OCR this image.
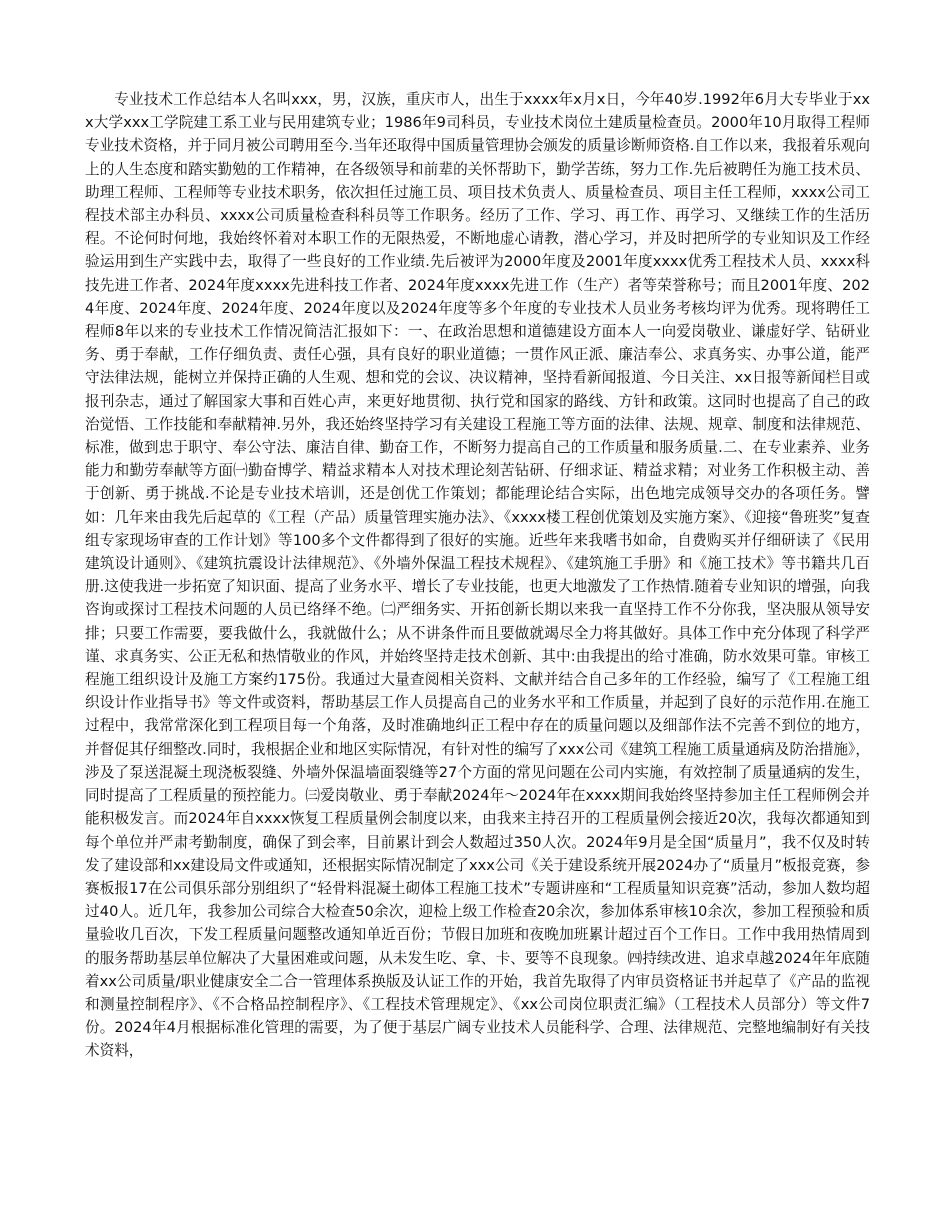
专业技术工作总结本人名叫xxx，男，汉族，重庆市人，出生于xxxx年x月x日，今年40岁.1992年6月大专毕业于xxx大学xxx工学院建工系工业与民用建筑专业；1986年9司科员，专业技术岗位土建质量检查员。2000年10月取得工程师专业技术资格，并于同月被公司聘用至今.当年还取得中国质量管理协会颁发的质量诊断师资格.自工作以来，我报着乐观向上的人生态度和踏实勤勉的工作精神，在各级领导和前辈的关怀帮助下，勤学苦练，努力工作.先后被聘任为施工技术员、助理工程师、工程师等专业技术职务，依次担任过施工员、项目技术负责人、质量检查员、项目主任工程师，xxxx公司工程技术部主办科员、xxxx公司质量检查科科员等工作职务。经历了工作、学习、再工作、再学习、又继续工作的生活历程。不论何时何地，我始终怀着对本职工作的无限热爱，不断地虚心请教，潜心学习，并及时把所学的专业知识及工作经验运用到生产实践中去，取得了一些良好的工作业绩.先后被评为2000年度及2001年度xxxx优秀工程技术人员、xxxx科技先进工作者、2024年度xxxx先进科技工作者、2024年度xxxx先进工作（生产）者等荣誉称号；而且2001年度、2024年度、2024年度、2024年度、2024年度以及2024年度等多个年度的专业技术人员业务考核均评为优秀。现将聘任工程师8年以来的专业技术工作情况简洁汇报如下：一、在政治思想和道德建设方面本人一向爱岗敬业、谦虚好学、钻研业务、勇于奉献，工作仔细负责、责任心强，具有良好的职业道德；一贯作风正派、廉洁奉公、求真务实、办事公道，能严守法律法规，能树立并保持正确的人生观、想和党的会议、决议精神，坚持看新闻报道、今日关注、xx日报等新闻栏目或报刊杂志，通过了解国家大事和百姓心声，来更好地贯彻、执行党和国家的路线、方针和政策。这同时也提高了自己的政治觉悟、工作技能和奉献精神.另外，我还始终坚持学习有关建设工程施工等方面的法律、法规、规章、制度和法律规范、标准，做到忠于职守、奉公守法、廉洁自律、勤奋工作，不断努力提高自己的工作质量和服务质量.二、在专业素养、业务能力和勤劳奉献等方面㈠勤奋博学、精益求精本人对技术理论刻苦钻研、仔细求证、精益求精；对业务工作积极主动、善于创新、勇于挑战.不论是专业技术培训，还是创优工作策划；都能理论结合实际，出色地完成领导交办的各项任务。譬如：几年来由我先后起草的《工程（产品）质量管理实施办法》、《xxxx楼工程创优策划及实施方案》、《迎接“鲁班奖”复查组专家现场审查的工作计划》等100多个文件都得到了很好的实施。近些年来我嗜书如命，自费购买并仔细研读了《民用建筑设计通则》、《建筑抗震设计法律规范》、《外墙外保温工程技术规程》、《建筑施工手册》和《施工技术》等书籍共几百册.这使我进一步拓宽了知识面、提高了业务水平、增长了专业技能，也更大地激发了工作热情.随着专业知识的增强，向我咨询或探讨工程技术问题的人员已络绎不绝。㈡严细务实、开拓创新长期以来我一直坚持工作不分你我，坚决服从领导安排；只要工作需要，要我做什么，我就做什么；从不讲条件而且要做就竭尽全力将其做好。具体工作中充分体现了科学严谨、求真务实、公正无私和热情敬业的作风，并始终坚持走技术创新、其中:由我提出的给寸准确，防水效果可靠。审核工程施工组织设计及施工方案约175份。我通过大量查阅相关资料、文献并结合自己多年的工作经验，编写了《工程施工组织设计作业指导书》等文件或资料，帮助基层工作人员提高自己的业务水平和工作质量，并起到了良好的示范作用.在施工过程中，我常常深化到工程项目每一个角落，及时准确地纠正工程中存在的质量问题以及细部作法不完善不到位的地方，并督促其仔细整改.同时，我根据企业和地区实际情况，有针对性的编写了xxx公司《建筑工程施工质量通病及防治措施》，涉及了泵送混凝土现浇板裂缝、外墙外保温墙面裂缝等27个方面的常见问题在公司内实施，有效控制了质量通病的发生，同时提高了工程质量的预控能力。㈢爱岗敬业、勇于奉献2024年～2024年在xxxx期间我始终坚持参加主任工程师例会并能积极发言。而2024年自xxxx恢复工程质量例会制度以来，由我来主持召开的工程质量例会接近20次，我每次都通知到每个单位并严肃考勤制度，确保了到会率，目前累计到会人数超过350人次。2024年9月是全国“质量月”，我不仅及时转发了建设部和xx建设局文件或通知，还根据实际情况制定了xxx公司《关于建设系统开展2024办了“质量月”板报竞赛，参赛板报17在公司俱乐部分别组织了“轻骨料混凝土砌体工程施工技术”专题讲座和“工程质量知识竞赛”活动，参加人数均超过40人。近几年，我参加公司综合大检查50余次，迎检上级工作检查20余次，参加体系审核10余次，参加工程预验和质量验收几百次，下发工程质量问题整改通知单近百份；节假日加班和夜晚加班累计超过百个工作日。工作中我用热情周到的服务帮助基层单位解决了大量困难或问题，从未发生吃、拿、卡、要等不良现象。㈣持续改进、追求卓越2024年年底随着xx公司质量/职业健康安全二合一管理体系换版及认证工作的开始，我首先取得了内审员资格证书并起草了《产品的监视和测量控制程序》、《不合格品控制程序》、《工程技术管理规定》、《xx公司岗位职责汇编》（工程技术人员部分）等文件7份。2024年4月根据标准化管理的需要，为了便于基层广阔专业技术人员能科学、合理、法律规范、完整地编制好有关技术资料，
